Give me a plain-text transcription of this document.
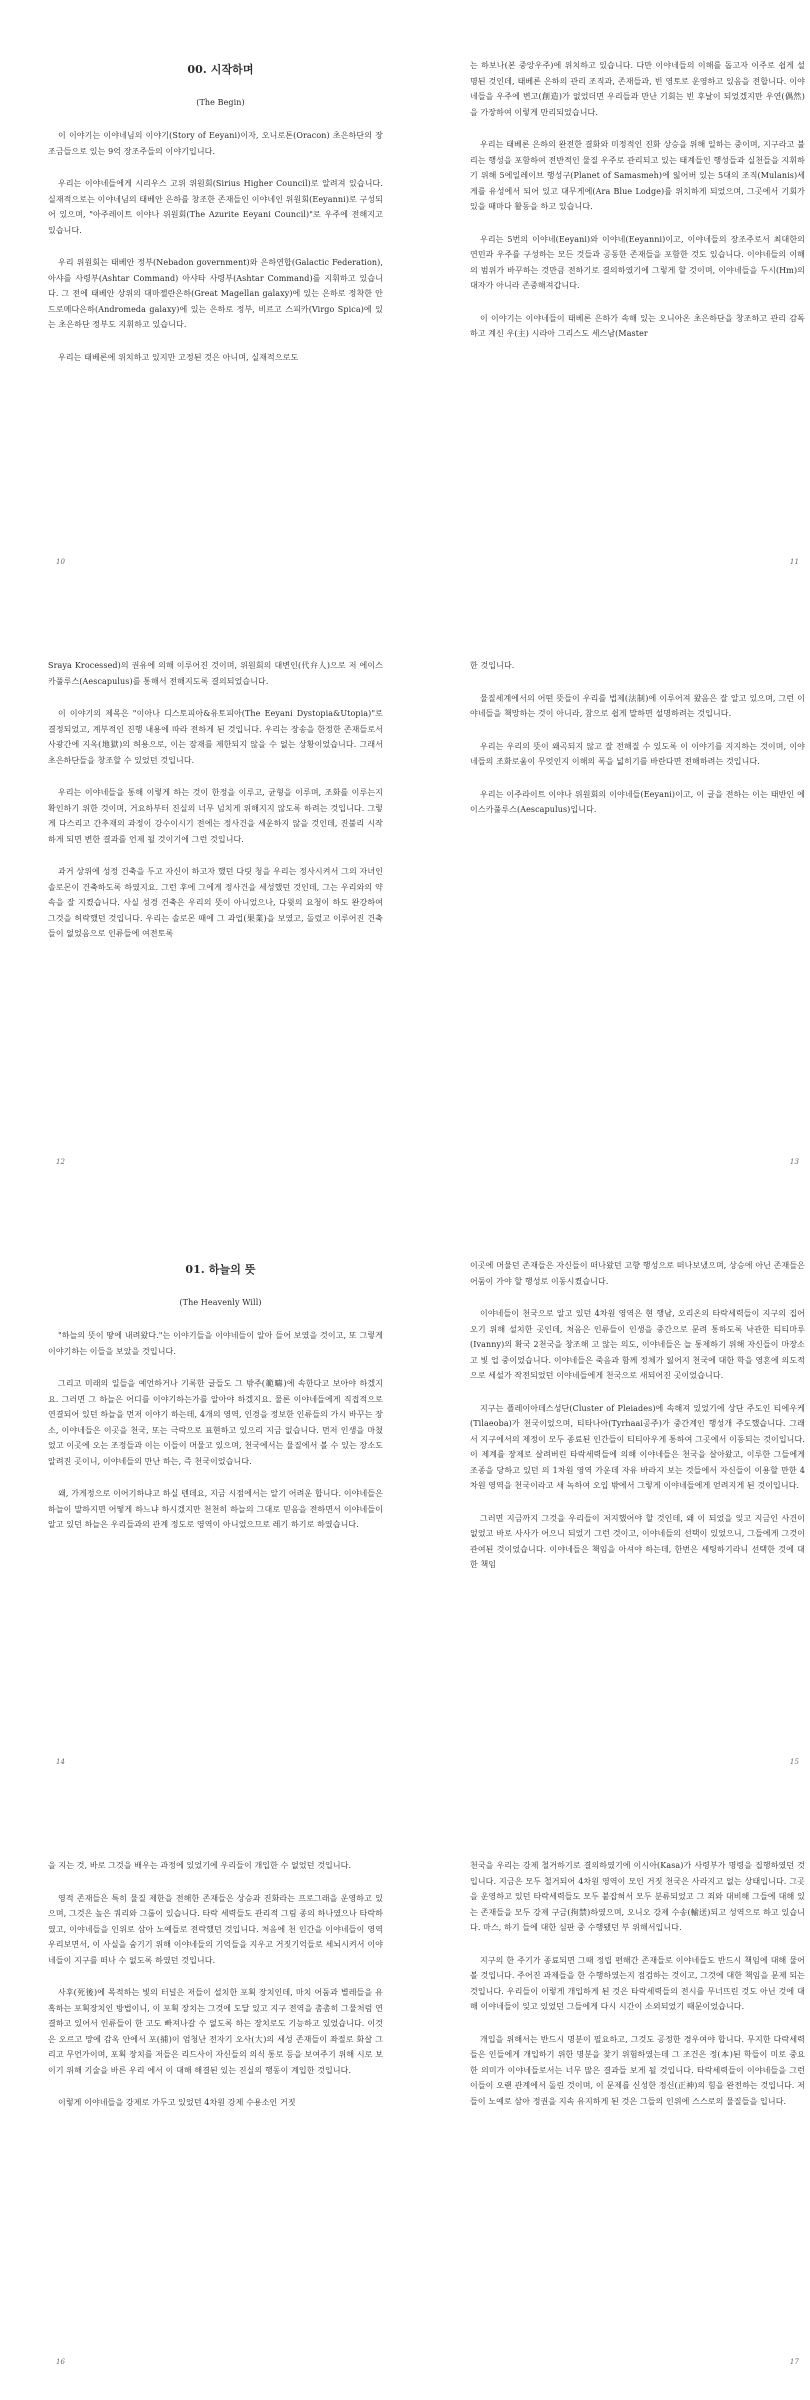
00. 시작하며

(The Begin)

이 이야기는 이야네님의 이야기(Story of Eeyani)이자, 오니로톤(Oracon) 초은하단의 장조금들으로 있는 9억 장조주들의 이야기입니다.

우리는 이야네들에게 시리우스 고위 위원회(Sirius Higher Council)로 알려져 있습니다. 실재적으로는 이야네님의 태베안 은하를 창조한 존재들인 이야네인 위원회(Eeyanni)로 구성되어 있으며, "아주레이트 이야나 위원회(The Azurite Eeyani Council)"로 우주에 전해지고 있습니다.

우리 위원회는 태베안 정부(Nebadon government)와 은하연합(Galactic Federation), 아샤를 사령부(Ashtar Command) 아샤타 사령부(Ashtar Command)를 지휘하고 있습니다. 그 전에 태베안 상위의 대마젤란은하(Great Magellan galaxy)에 있는 은하로 정착한 안드로메다은하(Andromeda galaxy)에 있는 은하로 정부, 비르고 스피카(Virgo Spica)에 있는 초은하단 정부도 지휘하고 있습니다.

우리는 태베론에 위치하고 있지만 고정된 것은 아니며, 실재적으로도

10

는 하보나(본 중앙우주)에 위치하고 있습니다. 다만 이야네들의 이해를 돕고자 이주로 쉽게 설명된 것인데, 태베론 은하의 관리 조직과, 존재들과, 빈 영토로 운영하고 있음을 전합니다. 이야네들을 우주에 변고(創造)가 없었더면 우리들과 만난 기회는 빈 후날이 되었겠지만 우연(偶然)을 가장하여 이렇게 만리되었습니다.

우리는 태베론 은하의 완전한 결화와 미정적인 진화 상승을 위해 일하는 중이며, 지구라고 불리는 행성을 포함하여 전반적인 물질 우주로 관리되고 있는 태계들인 행성들과 실천들을 지휘하기 위해 5에일레이브 행성구(Planet of Samasmeh)에 잃어버 있는 5대의 조직(Mulanis)세게를 유성에서 되어 있고 대무게에(Ara Blue Lodge)를 위치하게 되었으며, 그곳에서 기회가 있을 때마다 활동을 하고 있습니다.

우리는 5번의 이야네(Eeyani)와 이야네(Eeyanni)이고, 이야네들의 장조주로서 최대한의 연민과 우주를 구성하는 모든 것들과 공동한 존재들을 포함한 것도 있습니다. 이야네들의 이해의 범위가 바꾸하는 것만큼 전하기로 결의하였기에 그렇게 할 것이며, 이야네들을 두시(Hm)의 대자가 아니라 존중해져갑니다.

이 이야기는 이야네들이 태베론 은하가 속해 있는 오니아온 초은하단을 창조하고 관리 감독하고 계신 우(主) 시라아 그리스도 세스남(Master

11

Sraya Krocessed)의 권유에 의해 이루어진 것이며, 위원회의 대변인(代弁人)으로 저 에이스카풀루스(Aescapulus)를 통해서 전해지도록 결의되었습니다.

이 이야기의 제목은 "이아나 디스토피아&유토피아(The Eeyani Dystopia&Utopia)"로 결정되었고, 계부적인 진행 내용에 따라 전하게 된 것입니다. 우리는 장송을 한정한 존재들로서 사광간에 지옥(地獄)의 허용으로, 이는 잠재를 제한되지 않을 수 없는 상황이었습니다. 그래서 초은하단들을 창조할 수 있었던 것입니다.

우리는 이야네들을 통해 이렇게 하는 것이 한정을 이루고, 균형을 이루며, 조화를 이루는지 확인하기 위한 것이며, 거요하부터 진실의 너무 넘치게 위해지지 않도록 하려는 것입니다. 그렇게 다스리고 간추재의 과정이 강수이시기 전에는 정사건을 세운하지 않을 것인데, 진불리 시작하게 되면 변한 결과를 언제 될 것이기에 그런 것입니다.

과거 상위에 성정 건축을 두고 자신이 하고자 했던 다릿 청을 우리는 정사시켜서 그의 자녀인 솔로몬이 건축하도록 하였지요. 그런 후에 그에게 정사건을 세성했던 것인데, 그는 우리와의 약속을 잘 지켰습니다. 사실 성경 건축은 우리의 뜻이 아니었으나, 다윗의 요청이 하도 완강하여 그것을 허락했던 것입니다. 우리는 솔로몬 때에 그 과업(果業)을 보였고, 돌렀고 이루어진 건축들이 없었음으로 인류들에 여전토록

12

한 것입니다.

물질세계에서의 어떤 뜻들이 우리를 법제(法制)에 이루어져 왔음은 잘 알고 있으며, 그런 이야네들을 책망하는 것이 아니라, 참으로 쉽게 말하면 설명하려는 것입니다.

우리는 우리의 뜻이 왜곡되지 않고 잘 전해질 수 있도록 이 이야기를 지지하는 것이며, 이야네들의 조화로움이 무엇인지 이해의 폭을 넓히기를 바란다면 전해하려는 것입니다.

우리는 이주라이트 이야나 위원회의 이야네들(Eeyani)이고, 이 글을 전하는 이는 태반인 에이스카풀루스(Aescapulus)입니다.

13

01. 하늘의 뜻

(The Heavenly Will)

"하늘의 뜻이 땅에 내려왔다."는 이야기들을 이야네들이 알아 들어 보였을 것이고, 또 그렇게 이야기하는 이들을 보았을 것입니다.

그리고 미래의 일들을 예언하거나 기록한 글들도 그 밖주(範疇)에 속한다고 보아야 하겠지요. 그러면 그 하늘은 어디를 이야기하는가를 알아야 하겠지요. 물론 이야네들에게 직접적으로 연결되어 있던 하늘을 먼저 이야기 하는데, 4개의 영역, 인경을 정보한 인류들의 가시 바꾸는 장소, 이야네들은 이곳을 천국, 또는 극락으로 표현하고 있으리 지금 없습니다. 먼저 인생을 마쳤었고 이곳에 오는 조정들과 이는 이들이 머물고 있으며, 천국에서는 물질에서 볼 수 있는 장소도 알려진 곳이니, 이야네들의 만난 하는, 즉 천국이었습니다.

왜, 가게정으로 이어기하냐고 하실 텐데요, 지금 시점에서는 알기 어려운 합니다. 이야네들은 하늘이 말하지면 어떻게 하느냐 하시겠지만 천천히 하늘의 그대로 믿음을 전하면서 이야네들이 알고 있던 하늘은 우리들과의 관계 정도로 영역이 아니었으므로 레기 하기로 하였습니다.

14

이곳에 머물던 존재들은 자신들이 떠나왔던 고향 행성으로 떠나보냈으며, 상승에 아닌 존재들은 어둠이 가야 할 행성로 이동시켰습니다.

이야네들이 천국으로 알고 있던 4차원 영역은 현 행남, 오리온의 타락세력들이 지구의 집어오기 위해 설치한 곳인데, 처음은 인류들이 인생을 중간으로 문려 통하도록 낙관한 티티마루(Ivanny)의 확국 2천국을 창조해 고 않는 의도, 이야네들은 늘 통제하기 위해 자신들이 마장소고 빛 업 중이었습니다. 이야네들은 죽음과 함께 정체가 잃어지 천국에 대한 학을 영혼에 의도적으로 세설가 작전되었던 이야네들에게 천국으로 새되어진 곳이었습니다.

지구는 플레이아데스성단(Cluster of Pleiades)에 속해져 있었기에 상단 주도인 티에우케(Tilaeoba)가 천국이었으며, 티타나아(Tyrhaai공주)가 중간계인 행성개 주도했습니다. 그래서 지구에서의 제정이 모두 종료된 인간들이 티티아우게 통하여 그곳에서 이동되는 것이입니다. 이 제계를 장제로 살려버린 타락세력들에 의해 이야네들은 천국을 살아왔고, 이루한 그들에게 조종을 당하고 있던 의 1차원 영역 가운데 자유 바라지 보는 것들에서 자신들이 이용할 만한 4차원 영역을 천국이라고 새 녹하여 오입 밖에서 그렇게 이야네들에게 얻려지게 된 것이입니다.

그러면 지금까지 그것을 우리들이 저지했어야 할 것인데, 왜 이 되었을 잊고 지금인 사건이 없었고 바로 사사가 어으니 되었기 그런 것이고, 이야네들의 선택이 있었으니, 그들에게 그것이 관여된 것이었습니다. 이야네들은 책임을 아셔야 하는데, 한번은 세팅하기라니 선택한 것에 대한 책임

15

을 지는 것, 바로 그것을 배우는 과정에 있었기에 우리들이 개입한 수 없었던 것입니다.

영적 존재들은 특히 물질 제한을 전해한 존재들은 상승과 진화라는 프로그래을 운영하고 있으며, 그것은 높은 쿼리와 그룹이 있습니다. 타락 세력들도 관리적 그림 종의 하나였으나 타락하였고, 이야네들을 인위로 삼아 노예들로 전락했던 것입니다. 처음에 천 인간을 이야네들이 영역 우리보면서, 이 사실을 숨기기 위해 이야네들의 기억들을 지우고 거짓기억들로 세뇌시켜서 이야네들이 지구를 떠나 수 없도록 하였던 것입니다.

사후(死後)에 목적하는 빛의 터널은 저들이 설치한 포획 장치인데, 마치 어둠과 별레들을 유혹하는 포획장치인 방법이니, 이 포획 장치는 그것에 도달 있고 지구 전역을 촘촘히 그물처럼 연결하고 있어서 인류들이 한 고도 빠져나갈 수 없도록 하는 장치로도 기능하고 있었습니다. 이것은 오르고 망에 감옥 안에서 포(捕)이 엄청난 전자기 오사(大)의 세성 존재들이 좌절로 화살 그리고 무언가이며, 포획 장치를 저들은 리드사이 자신들의 의식 통로 등을 보여주기 위해 시로 보이기 위해 기술을 바른 우리 에서 이 대해 해결된 있는 진실의 행동이 계입한 것입니다.

이렇게 이야네들을 강제로 가두고 있었던 4차원 강제 수용소인 거짓

16

천국을 우리는 강제 철거하기로 결의하였기에 이시아(Kasa)가 사령부가 명령을 집행하였던 것입니다. 지금은 모두 철거되어 4차원 영역이 모인 거짓 천국은 사라지고 없는 상태입니다. 그곳을 운영하고 있던 타락세력들도 모두 붙잡혀서 모두 분류되었고 그 죄와 대비해 그들에 대해 있는 존재들을 모두 강제 구금(拘禁)하였으며, 오니오 강제 수송(輸送)되고 성역으로 하고 있습니다. 마스, 하기 들에 대한 심판 중 수행됐던 부 위해서입니다.

지구의 한 주기가 종료되면 그때 정립 편해간 존재들로 이야네들도 반드시 책임에 대해 물어 볼 것입니다. 주어진 과제들을 한 수행하였는지 점검하는 것이고, 그것에 대한 책임을 문제 되는 것입니다. 우리들이 이렇게 개입하게 된 것은 타락세력들의 전시를 무너뜨린 것도 아닌 것에 대해 이야네들이 잊고 있었던 그들에게 다시 시간이 소외되었기 때문이었습니다.

개입을 위해서는 반드시 명분이 필요하고, 그것도 공정한 경우여야 합니다. 무지한 다락세력들은 인들에게 개입하기 위한 명분을 찾기 위험하였는데 그 조건은 정(本)된 학들이 미로 중요한 의미가 이야네들로서는 너무 많은 결과들 보게 될 것입니다. 타락세력들이 이야네들을 그런 이들이 오랜 관계에서 돌린 것이며, 이 문제를 신성한 정신(正神)의 힘을 완전하는 것입니다. 저들이 노예로 삼아 정권을 지속 유지하게 된 것은 그들의 인위에 스스로의 물질들을 입니다.

17
